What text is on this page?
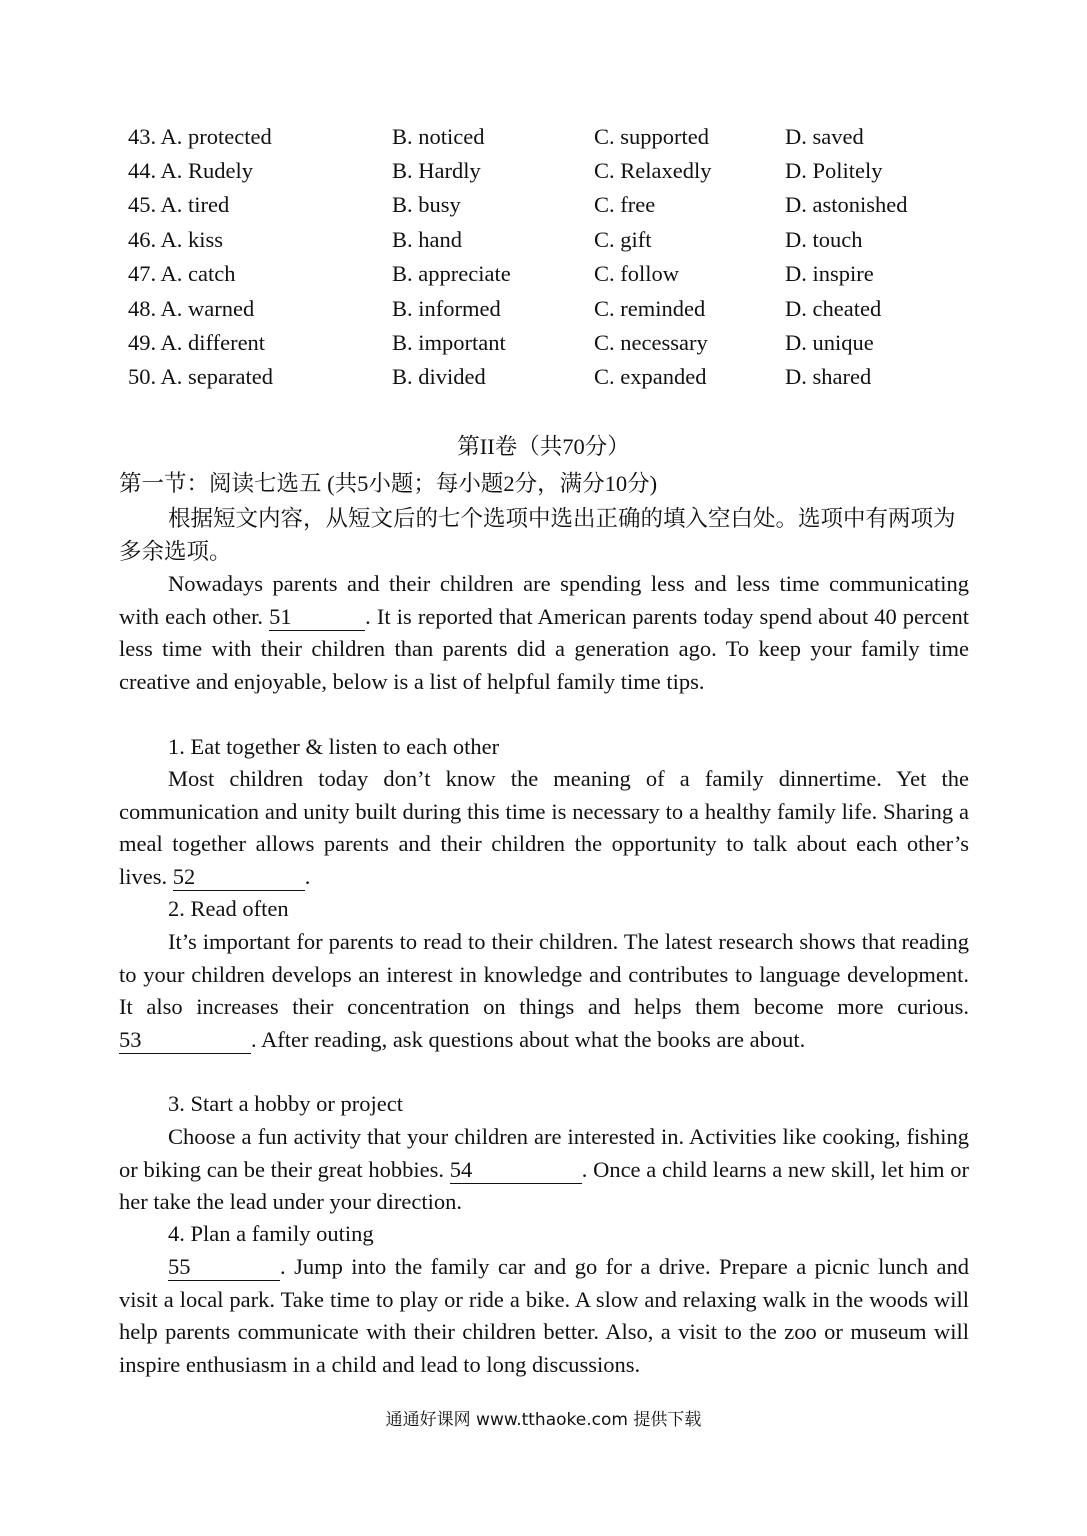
43. A. protected	B. noticed	C. supported	D. saved
44. A. Rudely	B. Hardly	C. Relaxedly	D. Politely
45. A. tired	B. busy	C. free	D. astonished
46. A. kiss	B. hand	C. gift	D. touch
47. A. catch	B. appreciate	C. follow	D. inspire
48. A. warned	B. informed	C. reminded	D. cheated
49. A. different	B. important	C. necessary	D. unique
50. A. separated	B. divided	C. expanded	D. shared
第II卷（共70分）
第一节：阅读七选五 (共5小题；每小题2分，满分10分)
根据短文内容，从短文后的七个选项中选出正确的填入空白处。选项中有两项为多余选项。
Nowadays parents and their children are spending less and less time communicating with each other. 51	. It is reported that American parents today spend about 40 percent less time with their children than parents did a generation ago. To keep your family time creative and enjoyable, below is a list of helpful family time tips.
1. Eat together & listen to each other
Most children today don’t know the meaning of a family dinnertime. Yet the communication and unity built during this time is necessary to a healthy family life. Sharing a meal together allows parents and their children the opportunity to talk about each other’s lives. 52	.
2. Read often
It’s important for parents to read to their children. The latest research shows that reading to your children develops an interest in knowledge and contributes to language development. It also increases their concentration on things and helps them become more curious. 53	. After reading, ask questions about what the books are about.
3. Start a hobby or project
Choose a fun activity that your children are interested in. Activities like cooking, fishing or biking can be their great hobbies. 54	. Once a child learns a new skill, let him or her take the lead under your direction.
4. Plan a family outing
55	. Jump into the family car and go for a drive. Prepare a picnic lunch and visit a local park. Take time to play or ride a bike. A slow and relaxing walk in the woods will help parents communicate with their children better. Also, a visit to the zoo or museum will inspire enthusiasm in a child and lead to long discussions.
通通好课网 www.tthaoke.com 提供下载
